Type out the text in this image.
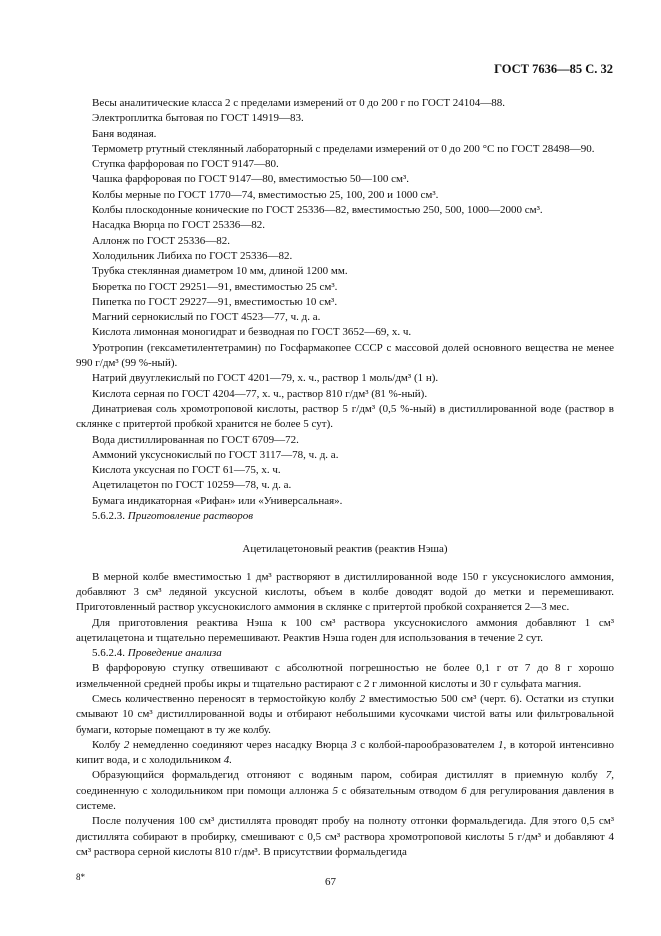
ГОСТ 7636—85 С. 32

Весы аналитические класса 2 с пределами измерений от 0 до 200 г по ГОСТ 24104—88.

Электроплитка бытовая по ГОСТ 14919—83.

Баня водяная.

Термометр ртутный стеклянный лабораторный с пределами измерений от 0 до 200 °С по ГОСТ 28498—90.

Ступка фарфоровая по ГОСТ 9147—80.

Чашка фарфоровая по ГОСТ 9147—80, вместимостью 50—100 см³.

Колбы мерные по ГОСТ 1770—74, вместимостью 25, 100, 200 и 1000 см³.

Колбы плоскодонные конические по ГОСТ 25336—82, вместимостью 250, 500, 1000—2000 см³.

Насадка Вюрца по ГОСТ 25336—82.

Аллонж по ГОСТ 25336—82.

Холодильник Либиха по ГОСТ 25336—82.

Трубка стеклянная диаметром 10 мм, длиной 1200 мм.

Бюретка по ГОСТ 29251—91, вместимостью 25 см³.

Пипетка по ГОСТ 29227—91, вместимостью 10 см³.

Магний сернокислый по ГОСТ 4523—77, ч. д. а.

Кислота лимонная моногидрат и безводная по ГОСТ 3652—69, х. ч.

Уротропин (гексаметилентетрамин) по Госфармакопее СССР с массовой долей основного вещества не менее 990 г/дм³ (99 %-ный).

Натрий двууглекислый по ГОСТ 4201—79, х. ч., раствор 1 моль/дм³ (1 н).

Кислота серная по ГОСТ 4204—77, х. ч., раствор 810 г/дм³ (81 %-ный).

Динатриевая соль хромотроповой кислоты, раствор 5 г/дм³ (0,5 %-ный) в дистиллированной воде (раствор в склянке с притертой пробкой хранится не более 5 сут).

Вода дистиллированная по ГОСТ 6709—72.

Аммоний уксуснокислый по ГОСТ 3117—78, ч. д. а.

Кислота уксусная по ГОСТ 61—75, х. ч.

Ацетилацетон по ГОСТ 10259—78, ч. д. а.

Бумага индикаторная «Рифан» или «Универсальная».

5.6.2.3. Приготовление растворов

Ацетилацетоновый реактив (реактив Нэша)

В мерной колбе вместимостью 1 дм³ растворяют в дистиллированной воде 150 г уксуснокислого аммония, добавляют 3 см³ ледяной уксусной кислоты, объем в колбе доводят водой до метки и перемешивают. Приготовленный раствор уксуснокислого аммония в склянке с притертой пробкой сохраняется 2—3 мес.

Для приготовления реактива Нэша к 100 см³ раствора уксуснокислого аммония добавляют 1 см³ ацетилацетона и тщательно перемешивают. Реактив Нэша годен для использования в течение 2 сут.

5.6.2.4. Проведение анализа

В фарфоровую ступку отвешивают с абсолютной погрешностью не более 0,1 г от 7 до 8 г хорошо измельченной средней пробы икры и тщательно растирают с 2 г лимонной кислоты и 30 г сульфата магния.

Смесь количественно переносят в термостойкую колбу 2 вместимостью 500 см³ (черт. 6). Остатки из ступки смывают 10 см³ дистиллированной воды и отбирают небольшими кусочками чистой ваты или фильтровальной бумаги, которые помещают в ту же колбу.

Колбу 2 немедленно соединяют через насадку Вюрца 3 с колбой-парообразователем 1, в которой интенсивно кипит вода, и с холодильником 4.

Образующийся формальдегид отгоняют с водяным паром, собирая дистиллят в приемную колбу 7, соединенную с холодильником при помощи аллонжа 5 с обязательным отводом 6 для регулирования давления в системе.

После получения 100 см³ дистиллята проводят пробу на полноту отгонки формальдегида. Для этого 0,5 см³ дистиллята собирают в пробирку, смешивают с 0,5 см³ раствора хромотроповой кислоты 5 г/дм³ и добавляют 4 см³ раствора серной кислоты 810 г/дм³. В присутствии формальдегида

8*	67
